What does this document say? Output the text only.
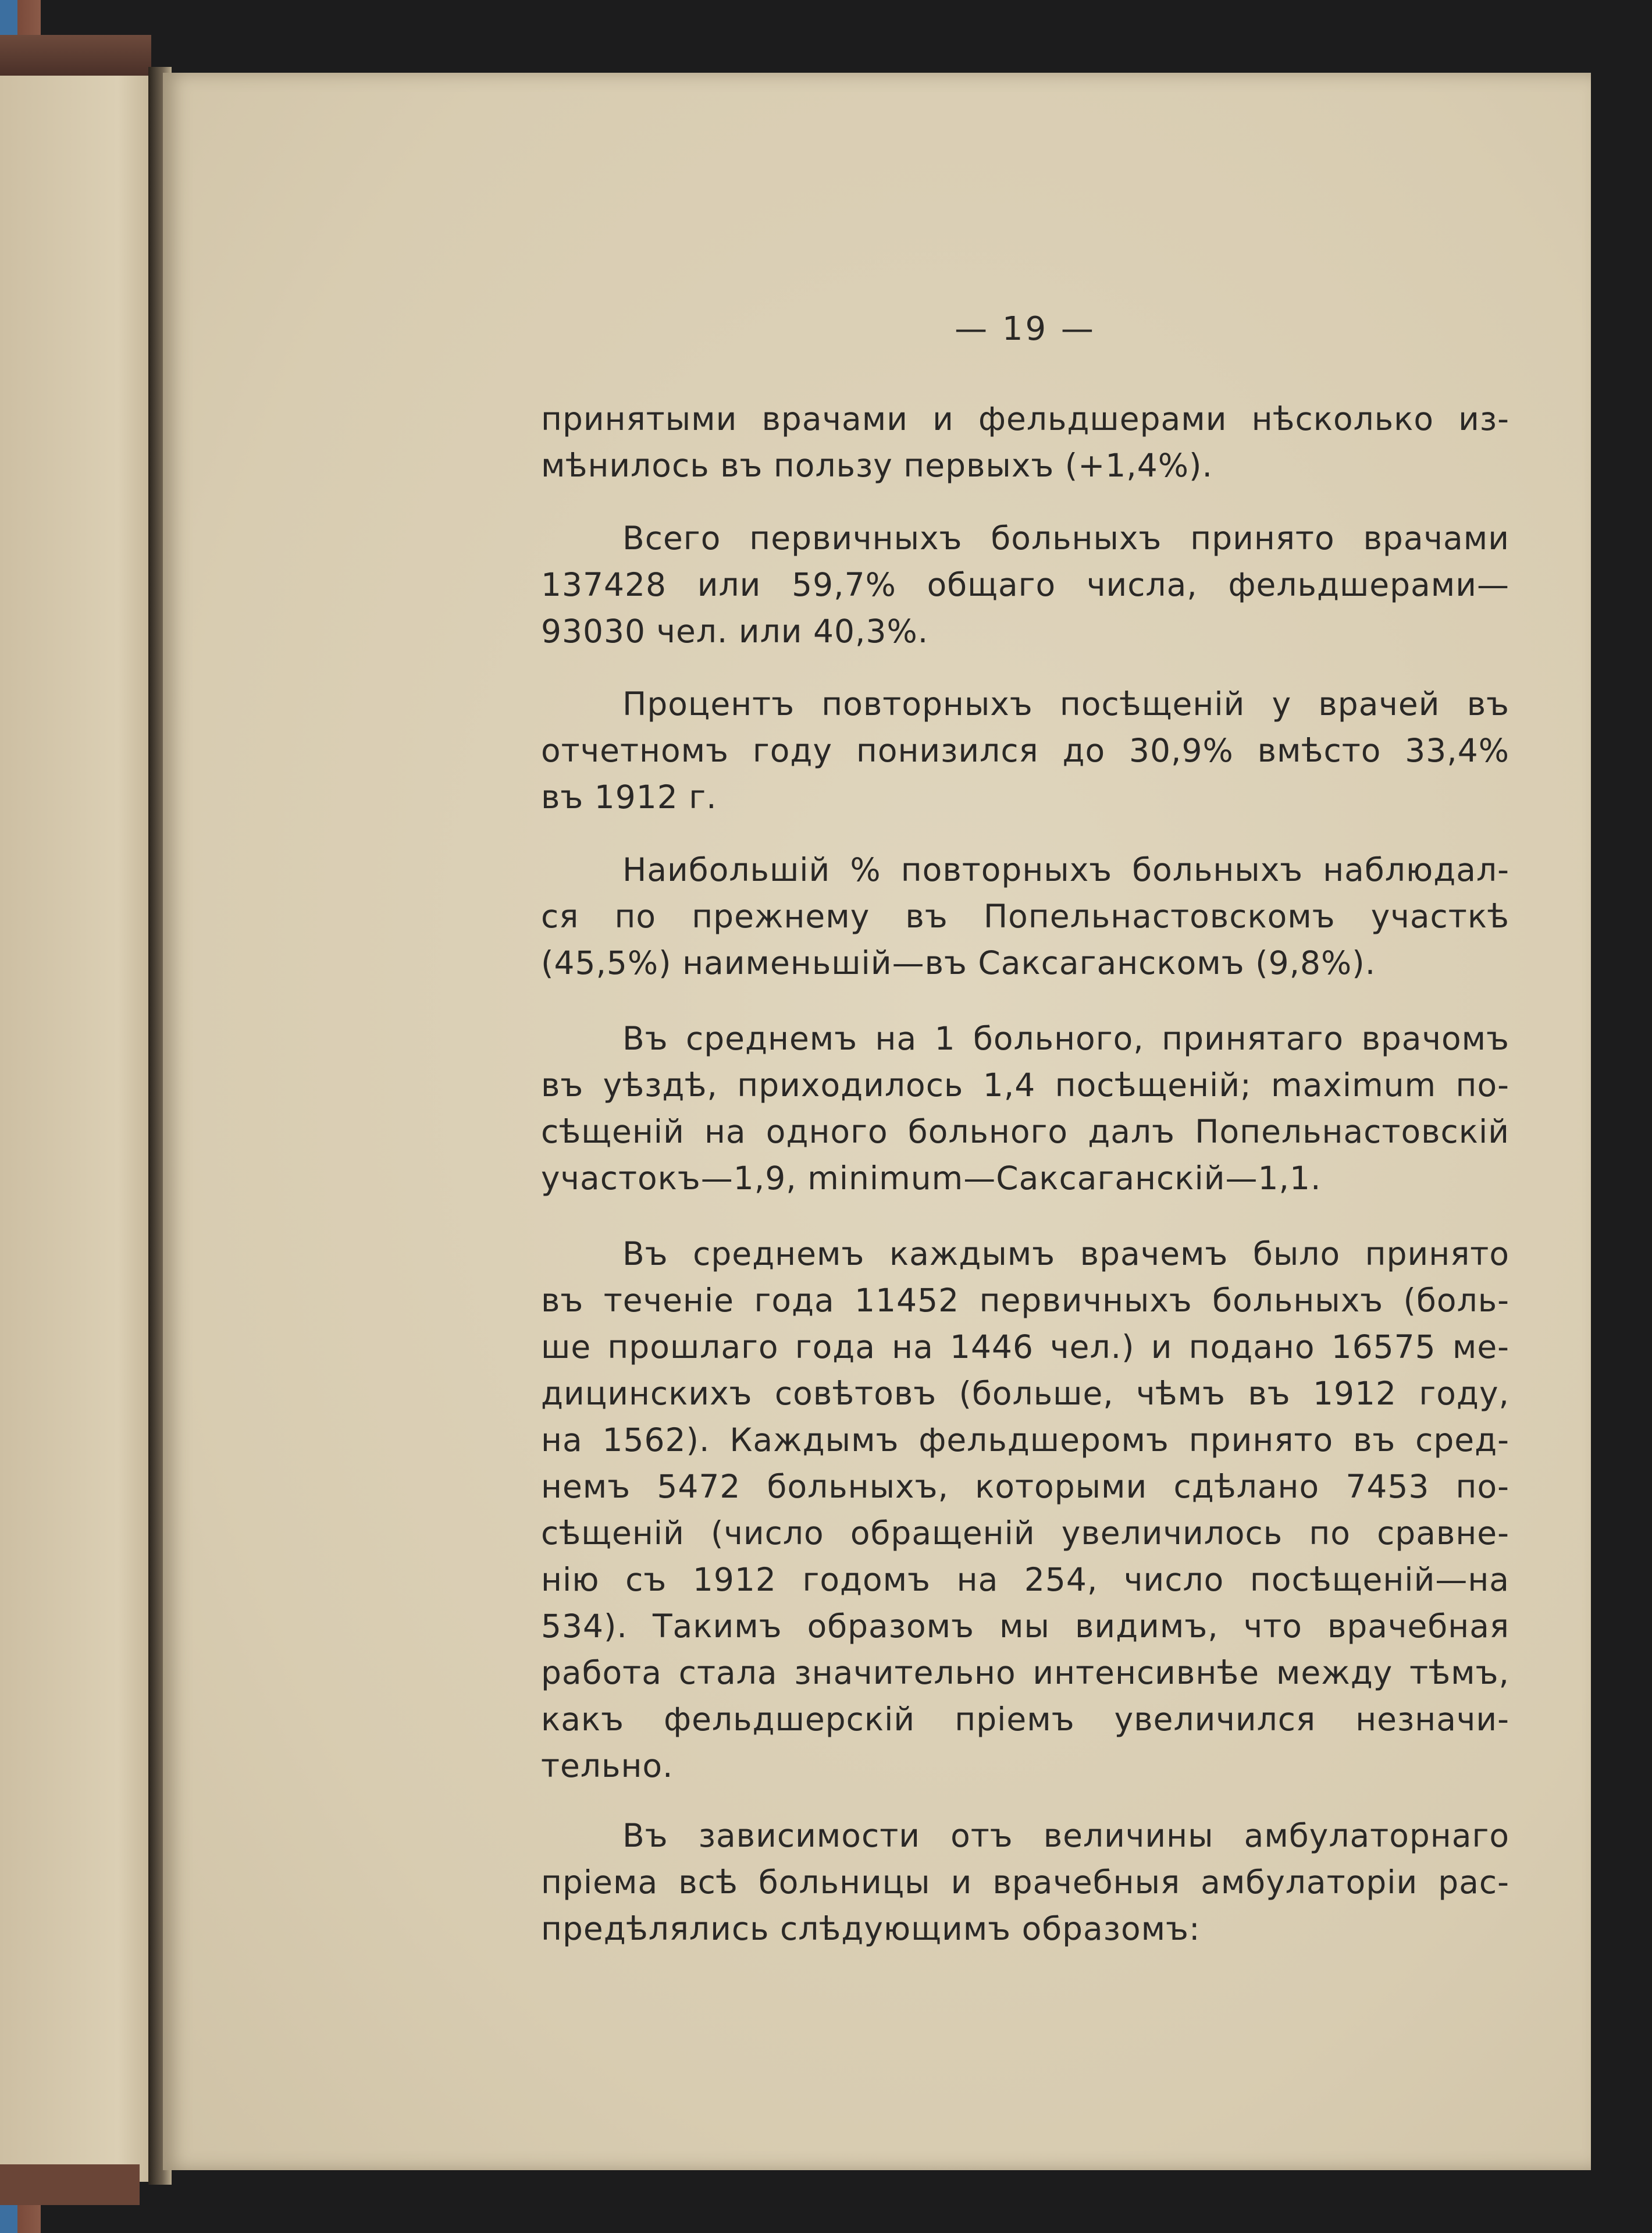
— 19 —
принятыми врачами и фельдшерами нѣсколько из-
мѣнилось въ пользу первыхъ (+1,4%).
Всего первичныхъ больныхъ принято врачами
137428 или 59,7% общаго числа, фельдшерами—
93030 чел. или 40,3%.
Процентъ повторныхъ посѣщеній у врачей въ
отчетномъ году понизился до 30,9% вмѣсто 33,4%
въ 1912 г.
Наибольшій % повторныхъ больныхъ наблюдал-
ся по прежнему въ Попельнастовскомъ участкѣ
(45,5%) наименьшій—въ Саксаганскомъ (9,8%).
Въ среднемъ на 1 больного, принятаго врачомъ
въ уѣздѣ, приходилось 1,4 посѣщеній; maximum по-
сѣщеній на одного больного далъ Попельнастовскій
участокъ—1,9, minimum—Саксаганскій—1,1.
Въ среднемъ каждымъ врачемъ было принято
въ теченіе года 11452 первичныхъ больныхъ (боль-
ше прошлаго года на 1446 чел.) и подано 16575 ме-
дицинскихъ совѣтовъ (больше, чѣмъ въ 1912 году,
на 1562). Каждымъ фельдшеромъ принято въ сред-
немъ 5472 больныхъ, которыми сдѣлано 7453 по-
сѣщеній (число обращеній увеличилось по сравне-
нію съ 1912 годомъ на 254, число посѣщеній—на
534). Такимъ образомъ мы видимъ, что врачебная
работа стала значительно интенсивнѣе между тѣмъ,
какъ фельдшерскій пріемъ увеличился незначи-
тельно.
Въ зависимости отъ величины амбулаторнаго
пріема всѣ больницы и врачебныя амбулаторіи рас-
предѣлялись слѣдующимъ образомъ:
